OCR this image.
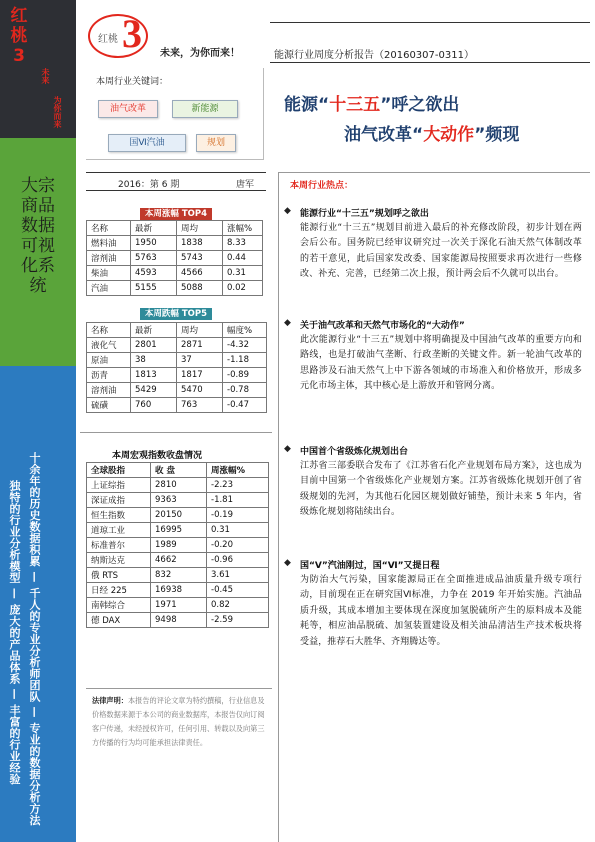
红桃3
未来
为你而来
大宗商品数据可视化系统
独特的行业分析模型 — 庞大的产品体系 — 丰富的行业经验 十余年的历史数据积累 — 千人的专业分析师团队 — 专业的数据分析方法
3
红桃
未来，为你而来！	能源行业周度分析报告（20160307-0311）
本周行业关键词：
油气改革	新能源
国Ⅵ汽油	规划
能源“十三五”呼之欲出
油气改革“大动作”频现
2016：第 6 期	唐军	本周行业热点：
◆ 能源行业“十三五”规划呼之欲出
能源行业“十三五”规划目前进入最后的补充修改阶段，初步计划在两会后公布。国务院已经审议研究过一次关于深化石油天然气体制改革的若干意见，此后国家发改委、国家能源局按照要求再次进行一些修改、补充、完善，已经第二次上报，预计两会后不久就可以出台。
◆ 关于油气改革和天然气市场化的“大动作”
此次能源行业“十三五”规划中将明确提及中国油气改革的重要方向和路线，也是打破油气垄断、行政垄断的关键文件。新一轮油气改革的思路涉及石油天然气上中下游各领域的市场准入和价格放开，形成多元化市场主体，其中核心是上游放开和管网分离。
◆ 中国首个省级炼化规划出台
江苏省三部委联合发布了《江苏省石化产业规划布局方案》，这也成为目前中国第一个省级炼化产业规划方案。江苏省级炼化规划开创了省级规划的先河，为其他石化园区规划做好铺垫，预计未来 5 年内，省级炼化规划将陆续出台。
◆ 国“Ⅴ”汽油刚过，国“Ⅵ”又提日程
为防治大气污染，国家能源局正在全面推进成品油质量升级专项行动，目前现在正在研究国Ⅵ标准，力争在 2019 年开始实施。汽油品质升级，其成本增加主要体现在深度加氢脱硫所产生的原料成本及能耗等，相应油品脱硫、加氢装置建设及相关油品清洁生产技术板块将受益，推荐石大胜华、齐翔腾达等。
本周涨幅 TOP4
名称	最新	周均	涨幅%
燃料油	1950	1838	8.33
溶剂油	5763	5743	0.44
柴油	4593	4566	0.31
汽油	5155	5088	0.02
本周跌幅 TOP5
名称	最新	周均	幅度%
液化气	2801	2871	-4.32
原油	38	37	-1.18
沥青	1813	1817	-0.89
溶剂油	5429	5470	-0.78
硫磺	760	763	-0.47
本周宏观指数收盘情况
全球股指	收 盘	周涨幅%
上证综指	2810	-2.23
深证成指	9363	-1.81
恒生指数	20150	-0.19
道琼工业	16995	0.31
标准普尔	1989	-0.20
纳斯达克	4662	-0.96
俄 RTS	832	3.61
日经 225	16938	-0.45
南韩综合	1971	0.82
德 DAX	9498	-2.59
法律声明：本报告的评论文章为特约撰稿，行业信息及价格数据来源于本公司的商业数据库，本报告仅向订阅客户传递，未经授权许可，任何引用、转载以及向第三方传播的行为均可能承担法律责任。
